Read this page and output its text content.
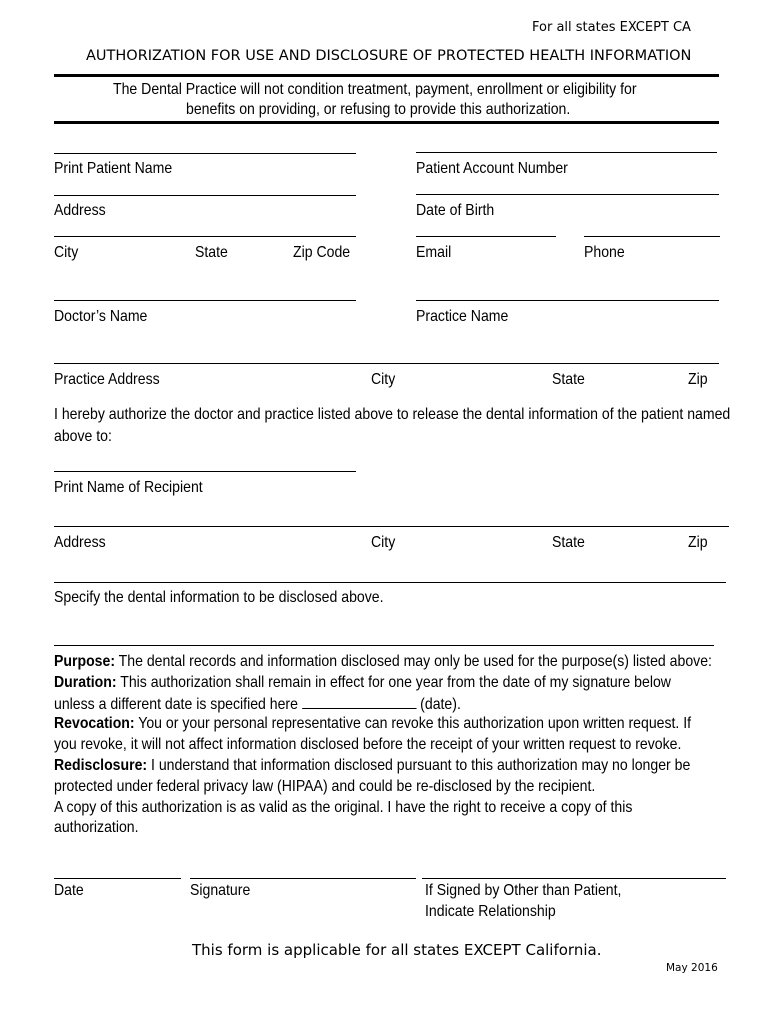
For all states EXCEPT CA
AUTHORIZATION FOR USE AND DISCLOSURE OF PROTECTED HEALTH INFORMATION
The Dental Practice will not condition treatment, payment, enrollment or eligibility for
benefits on providing, or refusing to provide this authorization.
Print Patient Name	Patient Account Number
Address	Date of Birth
City	State	Zip Code	Email	Phone
Doctor’s Name	Practice Name
Practice Address	City	State	Zip
I hereby authorize the doctor and practice listed above to release the dental information of the patient named above to:
Print Name of Recipient
Address	City	State	Zip
Specify the dental information to be disclosed above.
Purpose: The dental records and information disclosed may only be used for the purpose(s) listed above:
Duration: This authorization shall remain in effect for one year from the date of my signature below
unless a different date is specified here	(date).
Revocation: You or your personal representative can revoke this authorization upon written request. If
you revoke, it will not affect information disclosed before the receipt of your written request to revoke.
Redisclosure: I understand that information disclosed pursuant to this authorization may no longer be
protected under federal privacy law (HIPAA) and could be re-disclosed by the recipient.
A copy of this authorization is as valid as the original. I have the right to receive a copy of this
authorization.
Date	Signature	If Signed by Other than Patient,
Indicate Relationship
This form is applicable for all states EXCEPT California.
May 2016
